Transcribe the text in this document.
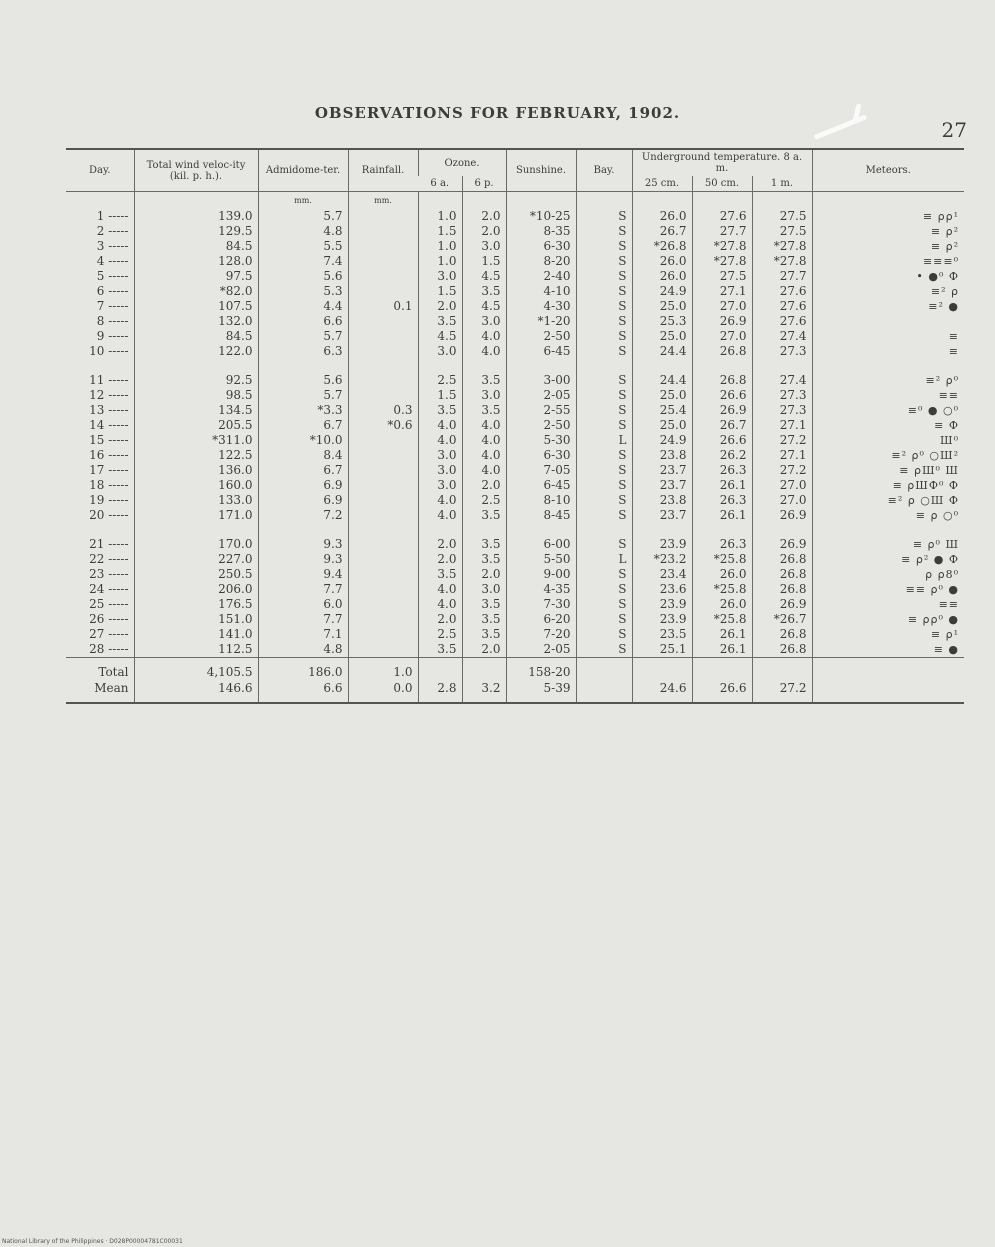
OBSERVATIONS FOR FEBRUARY, 1902.
27
Day.	Total wind veloc-ity (kil. p. h.).	Admidome-ter.	Rainfall.	Ozone.		Sunshine.	Bay.	Underground temperature. 8 a. m.			Meteors.
				6 a.	6 p.			25 cm.	50 cm.	1 m.	
		mm.	mm.								
1 -----	139.0	5.7		1.0	2.0	*10-25	S	26.0	27.6	27.5	≡ ⍴⍴¹
2 -----	129.5	4.8		1.5	2.0	8-35	S	26.7	27.7	27.5	≡ ⍴²
3 -----	84.5	5.5		1.0	3.0	6-30	S	*26.8	*27.8	*27.8	≡ ⍴²
4 -----	128.0	7.4		1.0	1.5	8-20	S	26.0	*27.8	*27.8	≡≡≡⁰
5 -----	97.5	5.6		3.0	4.5	2-40	S	26.0	27.5	27.7	• ●⁰ Ф
6 -----	*82.0	5.3		1.5	3.5	4-10	S	24.9	27.1	27.6	≡² ⍴
7 -----	107.5	4.4	0.1	2.0	4.5	4-30	S	25.0	27.0	27.6	≡² ●
8 -----	132.0	6.6		3.5	3.0	*1-20	S	25.3	26.9	27.6	
9 -----	84.5	5.7		4.5	4.0	2-50	S	25.0	27.0	27.4	≡
10 -----	122.0	6.3		3.0	4.0	6-45	S	24.4	26.8	27.3	≡

11 -----	92.5	5.6		2.5	3.5	3-00	S	24.4	26.8	27.4	≡² ⍴⁰
12 -----	98.5	5.7		1.5	3.0	2-05	S	25.0	26.6	27.3	≡≡
13 -----	134.5	*3.3	0.3	3.5	3.5	2-55	S	25.4	26.9	27.3	≡⁰ ● ○⁰
14 -----	205.5	6.7	*0.6	4.0	4.0	2-50	S	25.0	26.7	27.1	≡ Ф
15 -----	*311.0	*10.0		4.0	4.0	5-30	L	24.9	26.6	27.2	Ш⁰
16 -----	122.5	8.4		3.0	4.0	6-30	S	23.8	26.2	27.1	≡² ⍴⁰ ○Ш²
17 -----	136.0	6.7		3.0	4.0	7-05	S	23.7	26.3	27.2	≡ ⍴Ш⁰ Ш
18 -----	160.0	6.9		3.0	2.0	6-45	S	23.7	26.1	27.0	≡ ⍴ШФ⁰ Ф
19 -----	133.0	6.9		4.0	2.5	8-10	S	23.8	26.3	27.0	≡² ⍴ ○Ш Ф
20 -----	171.0	7.2		4.0	3.5	8-45	S	23.7	26.1	26.9	≡ ⍴ ○⁰

21 -----	170.0	9.3		2.0	3.5	6-00	S	23.9	26.3	26.9	≡ ⍴⁰ Ш
22 -----	227.0	9.3		2.0	3.5	5-50	L	*23.2	*25.8	26.8	≡ ⍴² ● Ф
23 -----	250.5	9.4		3.5	2.0	9-00	S	23.4	26.0	26.8	⍴ ⍴8⁰
24 -----	206.0	7.7		4.0	3.0	4-35	S	23.6	*25.8	26.8	≡≡ ⍴⁰ ●
25 -----	176.5	6.0		4.0	3.5	7-30	S	23.9	26.0	26.9	≡≡
26 -----	151.0	7.7		2.0	3.5	6-20	S	23.9	*25.8	*26.7	≡ ⍴⍴⁰ ●
27 -----	141.0	7.1		2.5	3.5	7-20	S	23.5	26.1	26.8	≡ ⍴¹
28 -----	112.5	4.8		3.5	2.0	2-05	S	25.1	26.1	26.8	≡ ●
Total	4,105.5	186.0	1.0			158-20					
Mean	146.6	6.6	0.0	2.8	3.2	5-39		24.6	26.6	27.2	
National Library of the Philippines · D028P00004781C00031
